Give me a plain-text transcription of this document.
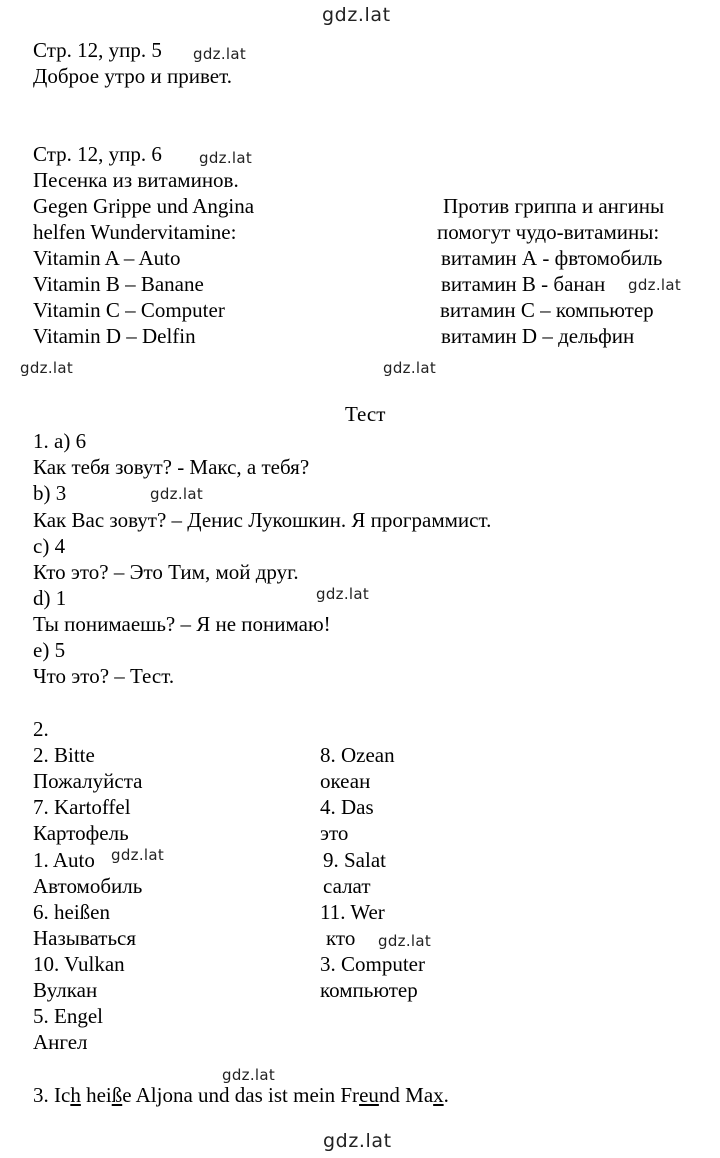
gdz.lat
gdz.lat
gdz.lat
gdz.lat
gdz.lat	gdz.lat
gdz.lat
gdz.lat
gdz.lat
gdz.lat
gdz.lat
gdz.lat
Стр. 12, упр. 5
Доброе утро и привет.
Стр. 12, упр. 6
Песенка из витаминов.
Gegen Grippe und Angina
helfen Wundervitamine:
Vitamin A – Auto
Vitamin B – Banane
Vitamin C – Computer
Vitamin D – Delfin
Против гриппа и ангины
помогут чудо-витамины:
витамин А - фвтомобиль
витамин В - банан
витамин С – компьютер
витамин D – дельфин
Тест
1. a) 6
Как тебя зовут? - Макс, а тебя?
b) 3
Как Вас зовут? – Денис Лукошкин. Я программист.
c) 4
Кто это? – Это Тим, мой друг.
d) 1
Ты понимаешь? – Я не понимаю!
e) 5
Что это? – Тест.
2.
2. Bitte
Пожалуйста
7. Kartoffel
Картофель
1. Auto
Автомобиль
6. heißen
Называться
10. Vulkan
Вулкан
5. Engel
Ангел
8. Ozean
океан
4. Das
это
9. Salat
салат
11. Wer
кто
3. Computer
компьютер
3. Ich heiße Aljona und das ist mein Freund Max.
